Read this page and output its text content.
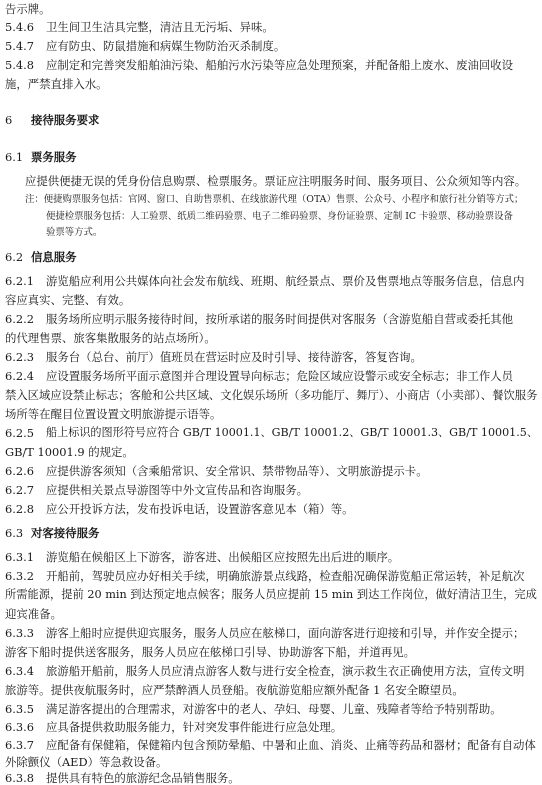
告示牌。
5.4.6 卫生间卫生洁具完整，清洁且无污垢、异味。
5.4.7 应有防虫、防鼠措施和病媒生物防治灭杀制度。
5.4.8 应制定和完善突发船舶油污染、船舶污水污染等应急处理预案，并配备船上废水、废油回收设
施，严禁直排入水。
6 接待服务要求
6.1 票务服务
应提供便捷无误的凭身份信息购票、检票服务。票证应注明服务时间、服务项目、公众须知等内容。
注：便捷购票服务包括：官网、窗口、自助售票机、在线旅游代理（OTA）售票、公众号、小程序和旅行社分销等方式；
便捷检票服务包括：人工验票、纸质二维码验票、电子二维码验票、身份证验票、定制 IC 卡验票、移动验票设备
验票等方式。
6.2 信息服务
6.2.1 游览船应利用公共媒体向社会发布航线、班期、航经景点、票价及售票地点等服务信息，信息内
容应真实、完整、有效。
6.2.2 服务场所应明示服务接待时间，按所承诺的服务时间提供对客服务（含游览船自营或委托其他
的代理售票、旅客集散服务的站点场所）。
6.2.3 服务台（总台、前厅）值班员在营运时应及时引导、接待游客，答复咨询。
6.2.4 应设置服务场所平面示意图并合理设置导向标志；危险区域应设警示或安全标志；非工作人员
禁入区域应设禁止标志；客舱和公共区域、文化娱乐场所（多功能厅、舞厅）、小商店（小卖部）、餐饮服务
场所等在醒目位置设置文明旅游提示语等。
6.2.5 船上标识的图形符号应符合 GB/T 10001.1、GB/T 10001.2、GB/T 10001.3、GB/T 10001.5、
GB/T 10001.9 的规定。
6.2.6 应提供游客须知（含乘船常识、安全常识、禁带物品等）、文明旅游提示卡。
6.2.7 应提供相关景点导游图等中外文宣传品和咨询服务。
6.2.8 应公开投诉方法，发布投诉电话，设置游客意见本（箱）等。
6.3 对客接待服务
6.3.1 游览船在候船区上下游客，游客进、出候船区应按照先出后进的顺序。
6.3.2 开船前，驾驶员应办好相关手续，明确旅游景点线路，检查船况确保游览船正常运转，补足航次
所需能源，提前 20 min 到达预定地点候客；服务人员应提前 15 min 到达工作岗位，做好清洁卫生，完成
迎宾准备。
6.3.3 游客上船时应提供迎宾服务，服务人员应在舷梯口，面向游客进行迎接和引导，并作安全提示；
游客下船时提供送客服务，服务人员应在舷梯口引导、协助游客下船，并道再见。
6.3.4 旅游船开船前，服务人员应清点游客人数与进行安全检查，演示救生衣正确使用方法，宣传文明
旅游等。提供夜航服务时，应严禁醉酒人员登船。夜航游览船应额外配备 1 名安全瞭望员。
6.3.5 满足游客提出的合理需求，对游客中的老人、孕妇、母婴、儿童、残障者等给予特别帮助。
6.3.6 应具备提供救助服务能力，针对突发事件能进行应急处理。
6.3.7 应配备有保健箱，保健箱内包含预防晕船、中暑和止血、消炎、止痛等药品和器材；配备有自动体
外除颤仪（AED）等急救设备。
6.3.8 提供具有特色的旅游纪念品销售服务。
